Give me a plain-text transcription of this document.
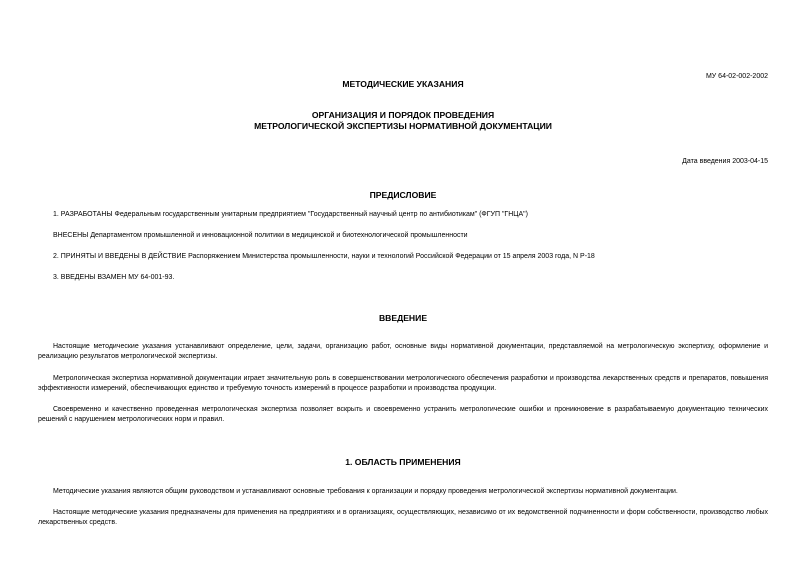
МУ 64-02-002-2002
МЕТОДИЧЕСКИЕ УКАЗАНИЯ
ОРГАНИЗАЦИЯ И ПОРЯДОК ПРОВЕДЕНИЯ
МЕТРОЛОГИЧЕСКОЙ ЭКСПЕРТИЗЫ НОРМАТИВНОЙ ДОКУМЕНТАЦИИ
Дата введения 2003-04-15
ПРЕДИСЛОВИЕ
1. РАЗРАБОТАНЫ Федеральным государственным унитарным предприятием "Государственный научный центр по антибиотикам" (ФГУП "ГНЦА")
ВНЕСЕНЫ Департаментом промышленной и инновационной политики в медицинской и биотехнологической промышленности
2. ПРИНЯТЫ И ВВЕДЕНЫ В ДЕЙСТВИЕ Распоряжением Министерства промышленности, науки и технологий Российской Федерации от 15 апреля 2003 года, N Р-18
3. ВВЕДЕНЫ ВЗАМЕН МУ 64-001-93.
ВВЕДЕНИЕ
Настоящие методические указания устанавливают определение, цели, задачи, организацию работ, основные виды нормативной документации, представляемой на метрологическую экспертизу, оформление и реализацию результатов метрологической экспертизы.
Метрологическая экспертиза нормативной документации играет значительную роль в совершенствовании метрологического обеспечения разработки и производства лекарственных средств и препаратов, повышения эффективности измерений, обеспечивающих единство и требуемую точность измерений в процессе разработки и производства продукции.
Своевременно и качественно проведенная метрологическая экспертиза позволяет вскрыть и своевременно устранить метрологические ошибки и проникновение в разрабатываемую документацию технических решений с нарушением метрологических норм и правил.
1. ОБЛАСТЬ ПРИМЕНЕНИЯ
Методические указания являются общим руководством и устанавливают основные требования к организации и порядку проведения метрологической экспертизы нормативной документации.
Настоящие методические указания предназначены для применения на предприятиях и в организациях, осуществляющих, независимо от их ведомственной подчиненности и форм собственности, производство любых лекарственных средств.
